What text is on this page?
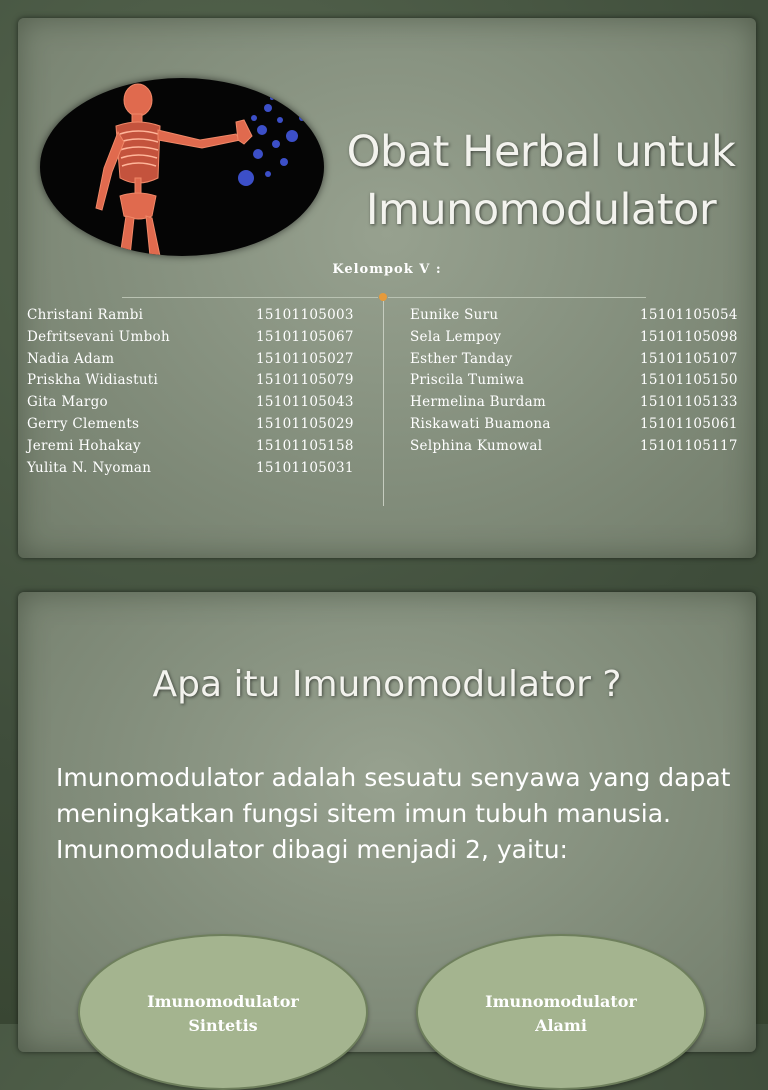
Obat Herbal untuk
Imunomodulator
Kelompok V :
Christani Rambi	15101105003
Defritsevani Umboh	15101105067
Nadia Adam	15101105027
Priskha Widiastuti	15101105079
Gita Margo	15101105043
Gerry Clements	15101105029
Jeremi Hohakay	15101105158
Yulita N. Nyoman	15101105031
Eunike Suru	15101105054
Sela Lempoy	15101105098
Esther Tanday	15101105107
Priscila Tumiwa	15101105150
Hermelina Burdam	15101105133
Riskawati Buamona	15101105061
Selphina Kumowal	15101105117
Apa itu Imunomodulator ?
Imunomodulator adalah sesuatu senyawa yang dapat
meningkatkan fungsi sitem imun tubuh manusia.
Imunomodulator dibagi menjadi 2, yaitu:
Imunomodulator
Sintetis
Imunomodulator
Alami
